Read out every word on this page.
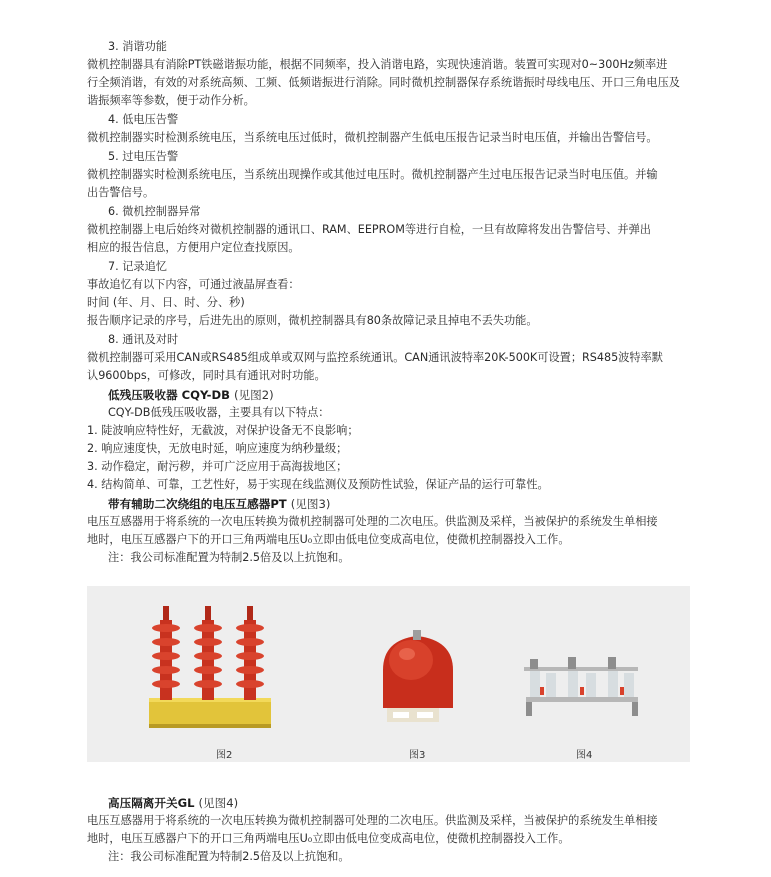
3. 消谐功能
微机控制器具有消除PT铁磁谐振功能，根据不同频率，投入消谐电路，实现快速消谐。装置可实现对0~300Hz频率进
行全频消谐，有效的对系统高频、工频、低频谐振进行消除。同时微机控制器保存系统谐振时母线电压、开口三角电压及
谐振频率等参数，便于动作分析。
4. 低电压告警
微机控制器实时检测系统电压，当系统电压过低时，微机控制器产生低电压报告记录当时电压值，并输出告警信号。
5. 过电压告警
微机控制器实时检测系统电压，当系统出现操作或其他过电压时。微机控制器产生过电压报告记录当时电压值。并输
出告警信号。
6. 微机控制器异常
微机控制器上电后始终对微机控制器的通讯口、RAM、EEPROM等进行自检，一旦有故障将发出告警信号、并弹出
相应的报告信息，方便用户定位查找原因。
7. 记录追忆
事故追忆有以下内容，可通过液晶屏查看：
时间 (年、月、日、时、分、秒)
报告顺序记录的序号，后进先出的原则，微机控制器具有80条故障记录且掉电不丢失功能。
8. 通讯及对时
微机控制器可采用CAN或RS485组成单或双网与监控系统通讯。CAN通讯波特率20K-500K可设置；RS485波特率默
认9600bps，可修改，同时具有通讯对时功能。
低残压吸收器 CQY-DB (见图2)
CQY-DB低残压吸收器，主要具有以下特点：
1. 陡波响应特性好，无截波，对保护设备无不良影响；
2. 响应速度快，无放电时延，响应速度为纳秒量级；
3. 动作稳定，耐污秽，并可广泛应用于高海拔地区；
4. 结构简单、可靠，工艺性好，易于实现在线监测仪及预防性试验，保证产品的运行可靠性。
带有辅助二次绕组的电压互感器PT (见图3)
电压互感器用于将系统的一次电压转换为微机控制器可处理的二次电压。供监测及采样，当被保护的系统发生单相接
地时，电压互感器户下的开口三角两端电压U₀立即由低电位变成高电位，使微机控制器投入工作。
注：我公司标准配置为特制2.5倍及以上抗饱和。
图2	图3	图4
高压隔离开关GL (见图4)
电压互感器用于将系统的一次电压转换为微机控制器可处理的二次电压。供监测及采样，当被保护的系统发生单相接
地时，电压互感器户下的开口三角两端电压U₀立即由低电位变成高电位，使微机控制器投入工作。
注：我公司标准配置为特制2.5倍及以上抗饱和。
